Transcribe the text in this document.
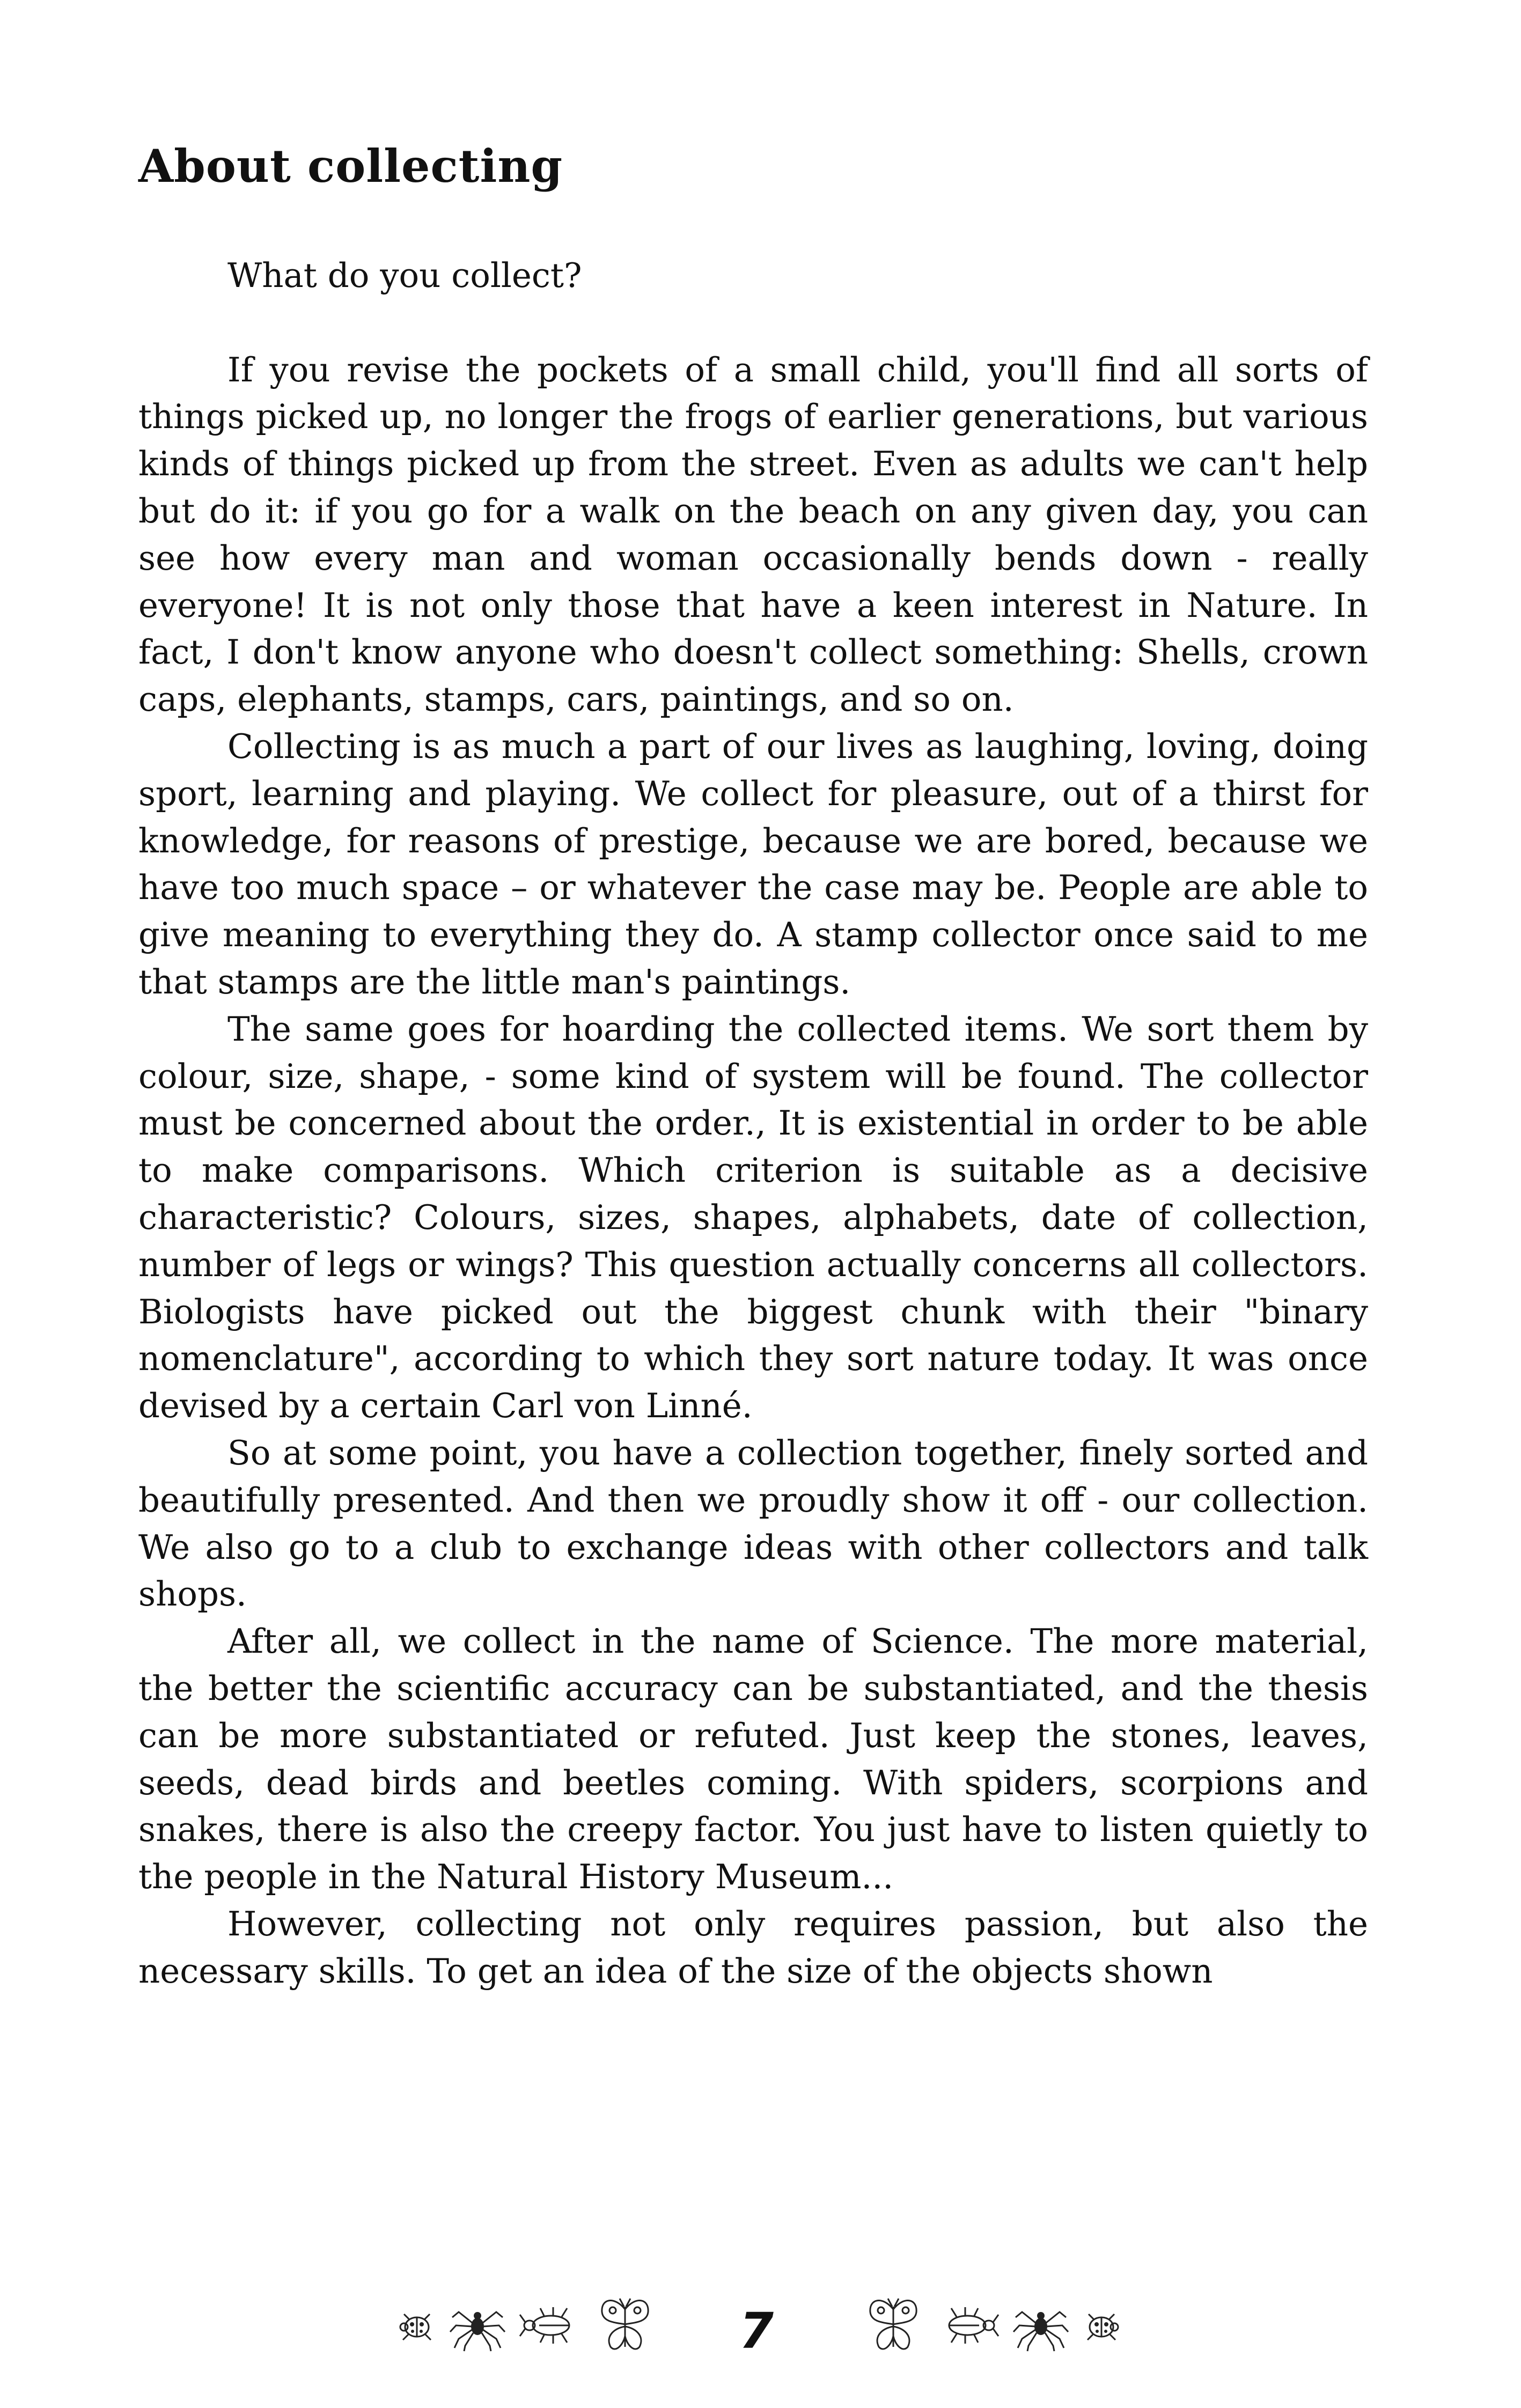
About collecting

What do you collect?

If you revise the pockets of a small child, you'll find all sorts of things picked up, no longer the frogs of earlier generations, but various kinds of things picked up from the street. Even as adults we can't help but do it: if you go for a walk on the beach on any given day, you can see how every man and woman occasionally bends down - really everyone! It is not only those that have a keen interest in Nature. In fact, I don't know anyone who doesn't collect something: Shells, crown caps, elephants, stamps, cars, paintings, and so on.

Collecting is as much a part of our lives as laughing, loving, doing sport, learning and playing. We collect for pleasure, out of a thirst for knowledge, for reasons of prestige, because we are bored, because we have too much space – or whatever the case may be. People are able to give meaning to everything they do. A stamp collector once said to me that stamps are the little man's paintings.

The same goes for hoarding the collected items. We sort them by colour, size, shape, - some kind of system will be found. The collector must be concerned about the order., It is existential in order to be able to make comparisons. Which criterion is suitable as a decisive characteristic? Colours, sizes, shapes, alphabets, date of collection, number of legs or wings? This question actually concerns all collectors. Biologists have picked out the biggest chunk with their "binary nomenclature", according to which they sort nature today. It was once devised by a certain Carl von Linné.

So at some point, you have a collection together, finely sorted and beautifully presented. And then we proudly show it off - our collection. We also go to a club to exchange ideas with other collectors and talk shops.

After all, we collect in the name of Science. The more material, the better the scientific accuracy can be substantiated, and the thesis can be more substantiated or refuted. Just keep the stones, leaves, seeds, dead birds and beetles coming. With spiders, scorpions and snakes, there is also the creepy factor. You just have to listen quietly to the people in the Natural History Museum...

However, collecting not only requires passion, but also the necessary skills. To get an idea of the size of the objects shown

7
